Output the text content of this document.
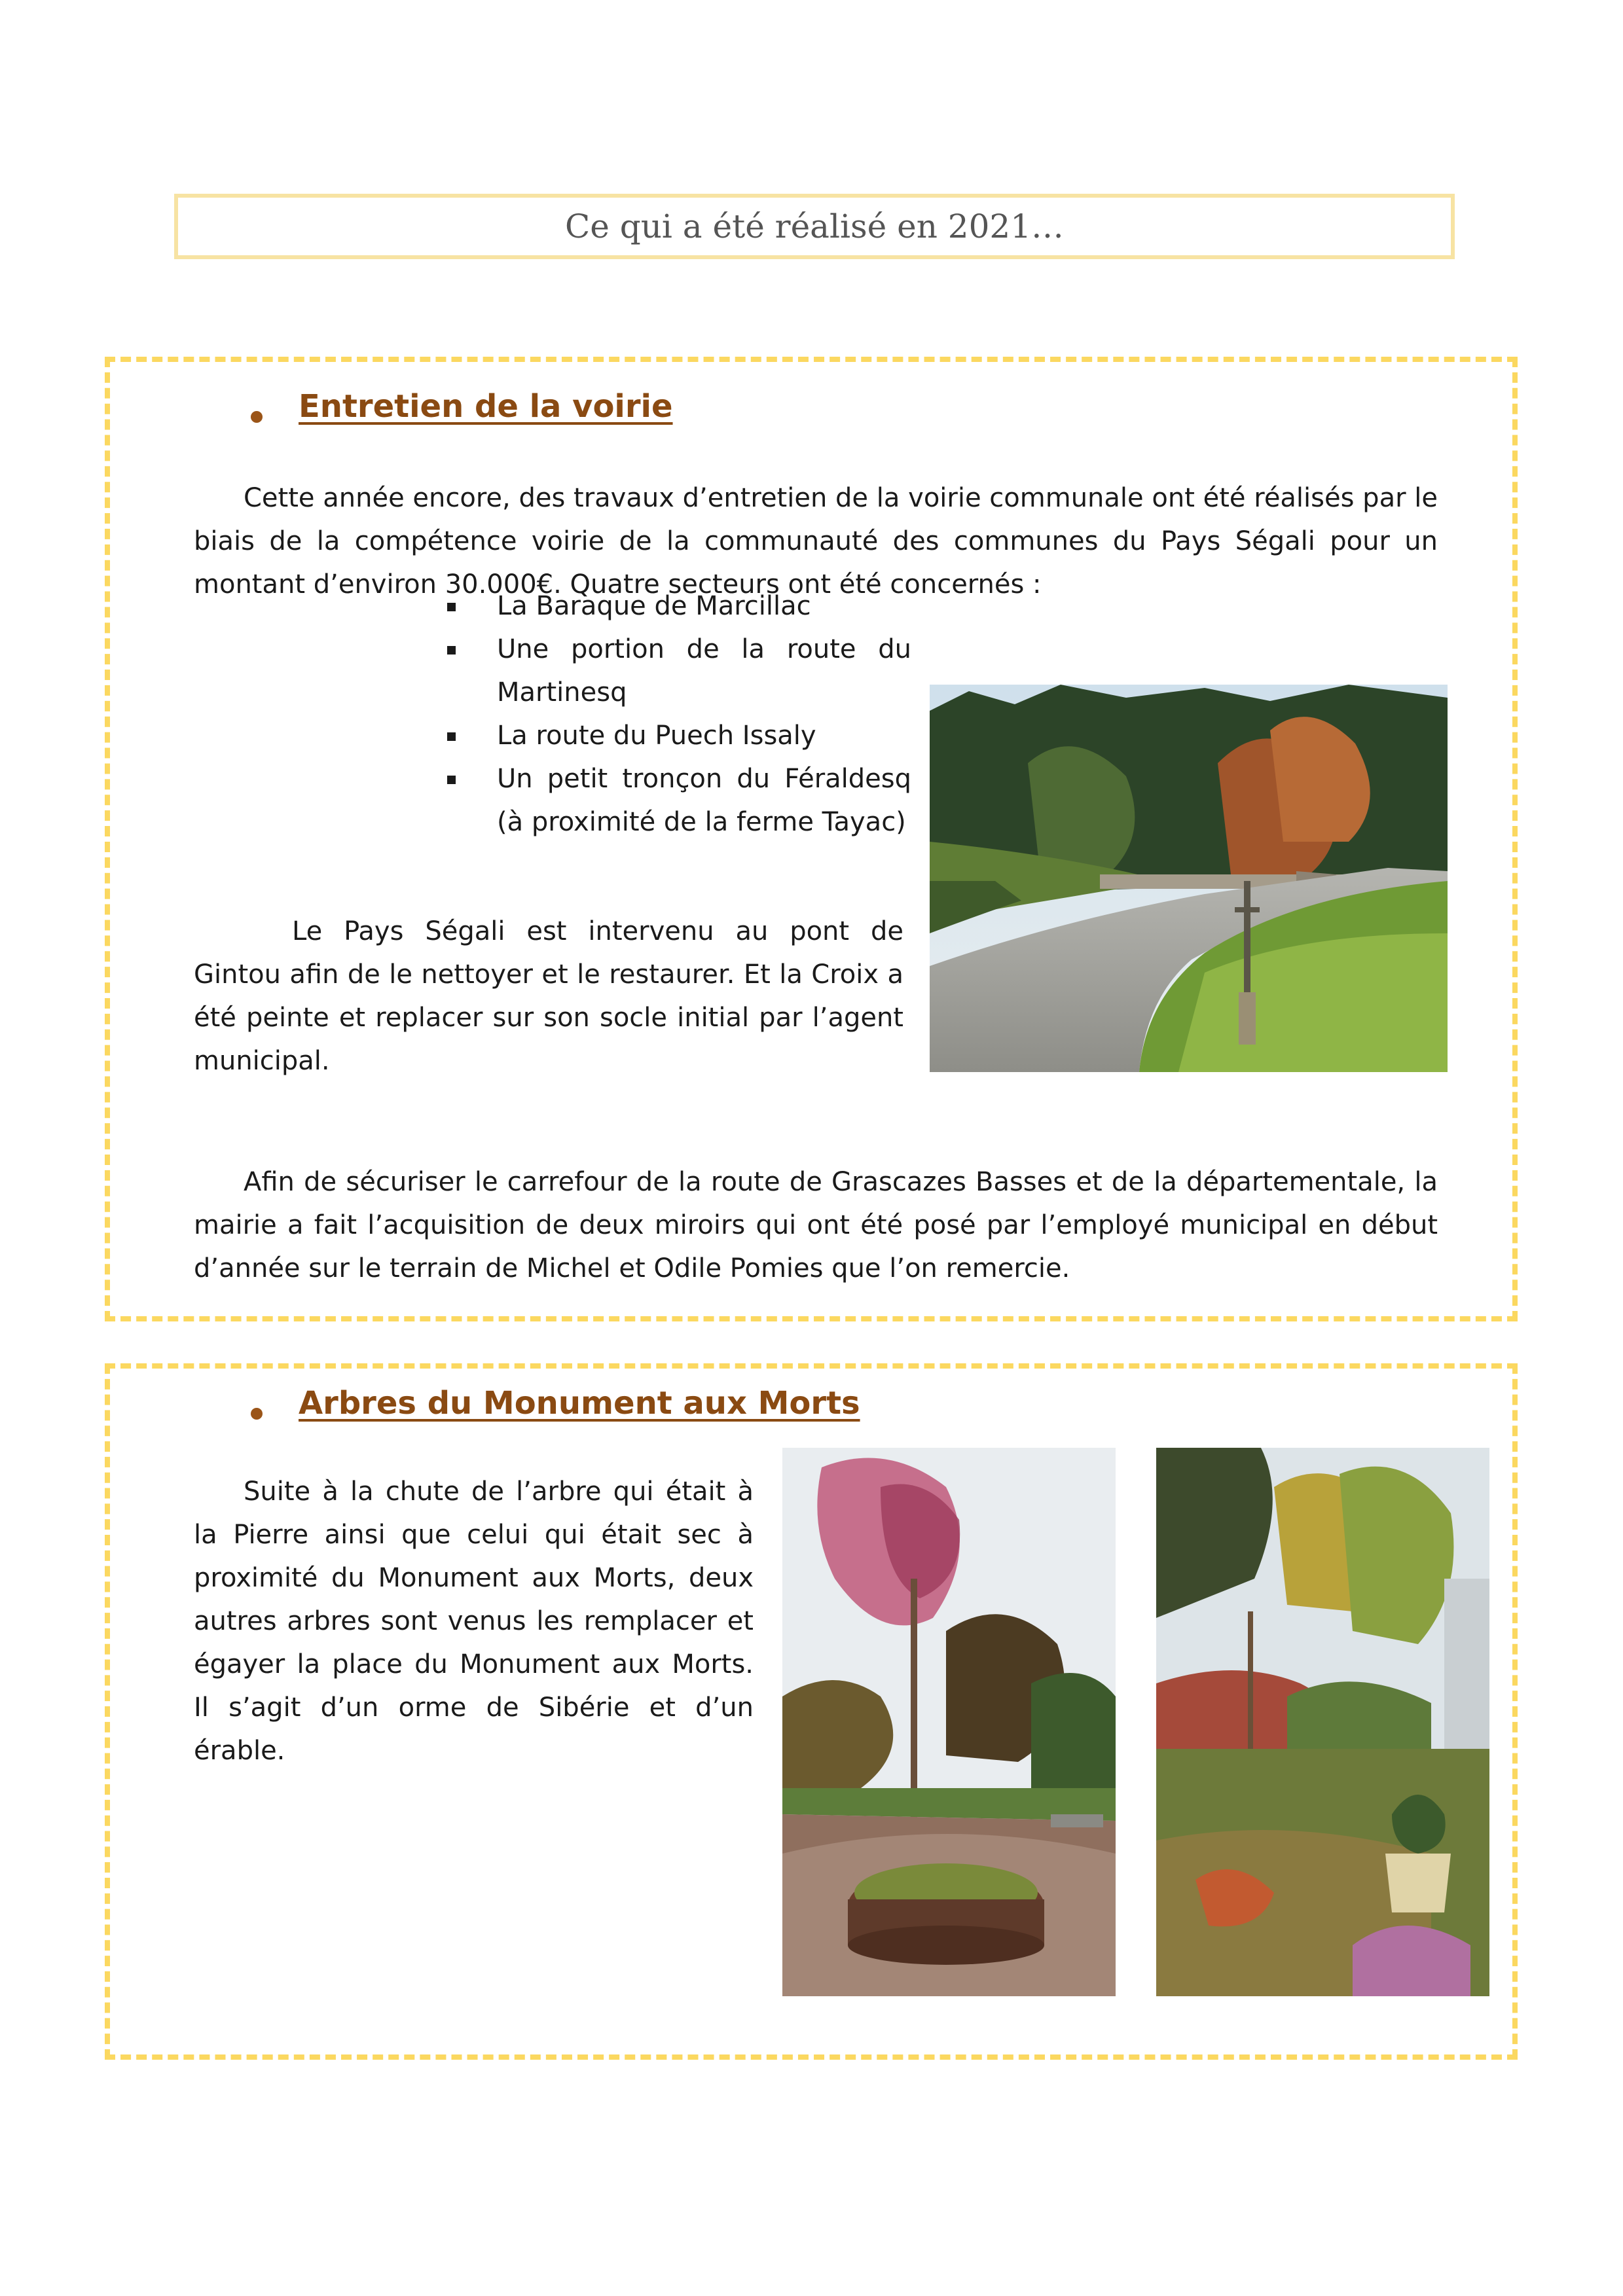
Ce qui a été réalisé en 2021…
Entretien de la voirie

Cette année encore, des travaux d’entretien de la voirie communale ont été réalisés par le biais de la compétence voirie de la communauté des communes du Pays Ségali pour un montant d’environ 30.000€. Quatre secteurs ont été concernés :

La Baraque de Marcillac
Une portion de la route du Martinesq
La route du Puech Issaly
Un petit tronçon du Féraldesq (à proximité de la ferme Tayac)

Le Pays Ségali est intervenu au pont de Gintou afin de le nettoyer et le restaurer. Et la Croix a été peinte et replacer sur son socle initial par l’agent municipal.

Afin de sécuriser le carrefour de la route de Grascazes Basses et de la départementale, la mairie a fait l’acquisition de deux miroirs qui ont été posé par l’employé municipal en début d’année sur le terrain de Michel et Odile Pomies que l’on remercie.

Arbres du Monument aux Morts

Suite à la chute de l’arbre qui était à la Pierre ainsi que celui qui était sec à proximité du Monument aux Morts, deux autres arbres sont venus les remplacer et égayer la place du Monument aux Morts. Il s’agit d’un orme de Sibérie et d’un érable.
